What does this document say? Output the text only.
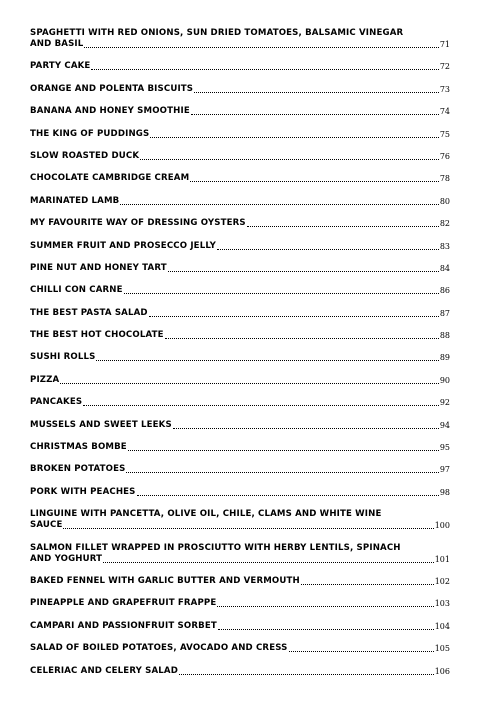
SPAGHETTI WITH RED ONIONS, SUN DRIED TOMATOES, BALSAMIC VINEGAR
AND BASIL	71
PARTY CAKE	72
ORANGE AND POLENTA BISCUITS	73
BANANA AND HONEY SMOOTHIE	74
THE KING OF PUDDINGS	75
SLOW ROASTED DUCK	76
CHOCOLATE CAMBRIDGE CREAM	78
MARINATED LAMB	80
MY FAVOURITE WAY OF DRESSING OYSTERS	82
SUMMER FRUIT AND PROSECCO JELLY	83
PINE NUT AND HONEY TART	84
CHILLI CON CARNE	86
THE BEST PASTA SALAD	87
THE BEST HOT CHOCOLATE	88
SUSHI ROLLS	89
PIZZA	90
PANCAKES	92
MUSSELS AND SWEET LEEKS	94
CHRISTMAS BOMBE	95
BROKEN POTATOES	97
PORK WITH PEACHES	98
LINGUINE WITH PANCETTA, OLIVE OIL, CHILE, CLAMS AND WHITE WINE
SAUCE	100
SALMON FILLET WRAPPED IN PROSCIUTTO WITH HERBY LENTILS, SPINACH
AND YOGHURT	101
BAKED FENNEL WITH GARLIC BUTTER AND VERMOUTH	102
PINEAPPLE AND GRAPEFRUIT FRAPPE	103
CAMPARI AND PASSIONFRUIT SORBET	104
SALAD OF BOILED POTATOES, AVOCADO AND CRESS	105
CELERIAC AND CELERY SALAD	106
